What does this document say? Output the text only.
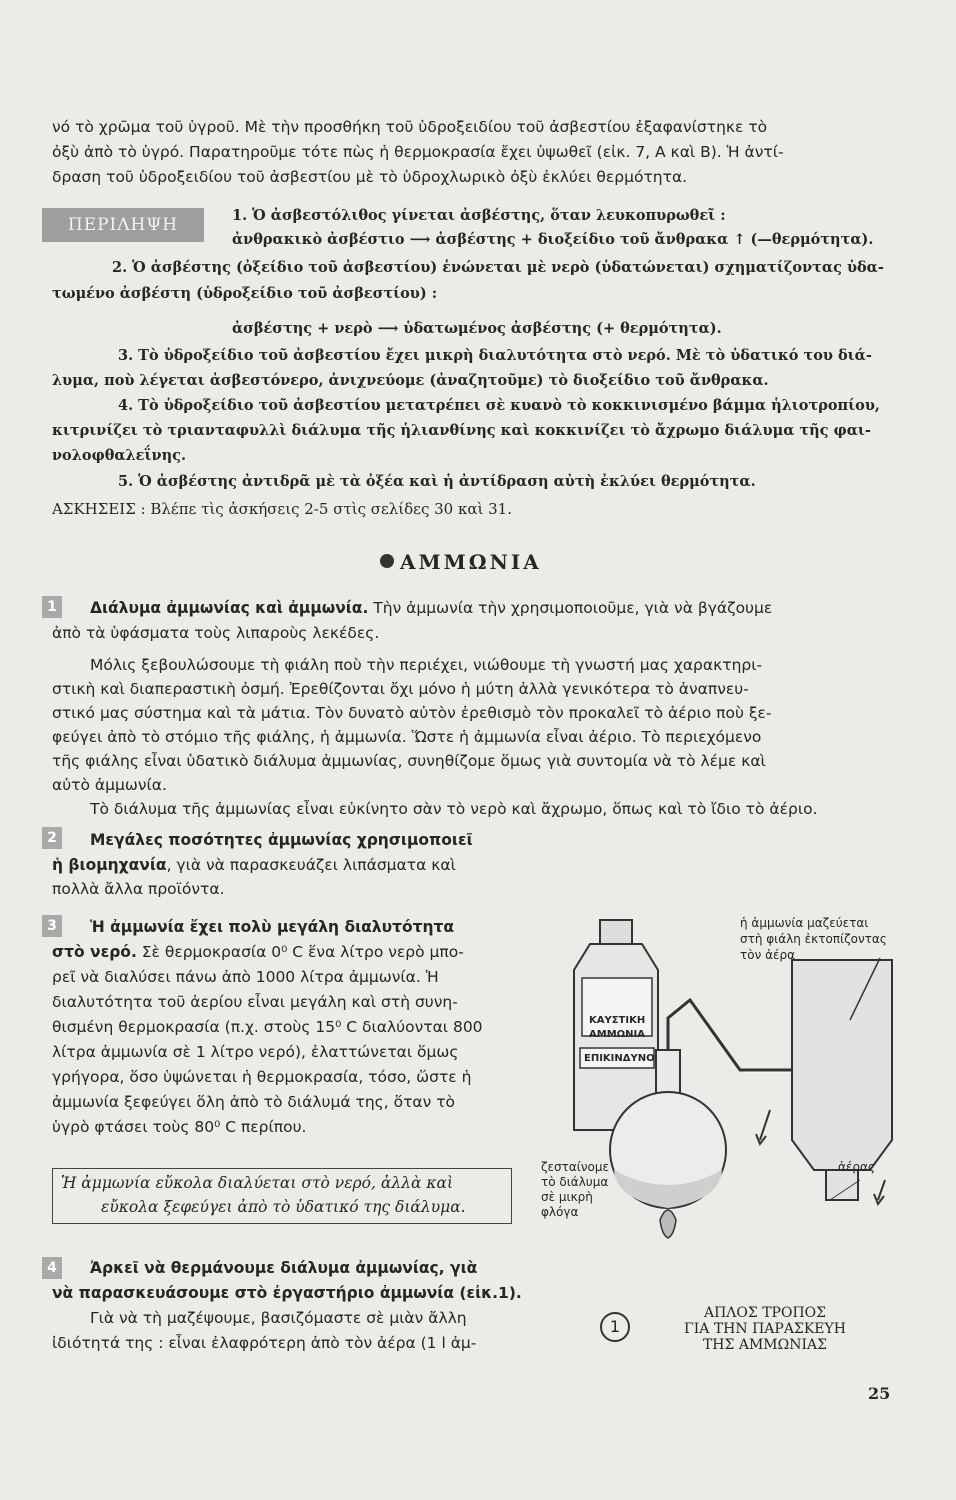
νό τὸ χρῶμα τοῦ ὑγροῦ. Μὲ τὴν προσθήκη τοῦ ὑδροξειδίου τοῦ ἀσβεστίου ἐξαφανίστηκε τὸ
ὀξὺ ἀπὸ τὸ ὑγρό. Παρατηροῦμε τότε πὼς ἡ θερμοκρασία ἔχει ὑψωθεῖ (εἰκ. 7, Α καὶ Β). Ἡ ἀντί-
δραση τοῦ ὑδροξειδίου τοῦ ἀσβεστίου μὲ τὸ ὑδροχλωρικὸ ὀξὺ ἐκλύει θερμότητα.
ΠΕΡΙΛΗΨΗ	1. Ὁ ἀσβεστόλιθος γίνεται ἀσβέστης, ὅταν λευκοπυρωθεῖ :
ἀνθρακικὸ ἀσβέστιο ⟶ ἀσβέστης + διοξείδιο τοῦ ἄνθρακα ↑ (—θερμότητα).
2. Ὁ ἀσβέστης (ὀξείδιο τοῦ ἀσβεστίου) ἑνώνεται μὲ νερὸ (ὑδατώνεται) σχηματίζοντας ὑδα-
τωμένο ἀσβέστη (ὑδροξείδιο τοῦ ἀσβεστίου) :
ἀσβέστης + νερὸ ⟶ ὑδατωμένος ἀσβέστης (+ θερμότητα).
3. Τὸ ὑδροξείδιο τοῦ ἀσβεστίου ἔχει μικρὴ διαλυτότητα στὸ νερό. Μὲ τὸ ὑδατικό του διά-
λυμα, ποὺ λέγεται ἀσβεστόνερο, ἀνιχνεύομε (ἀναζητοῦμε) τὸ διοξείδιο τοῦ ἄνθρακα.
4. Τὸ ὑδροξείδιο τοῦ ἀσβεστίου μετατρέπει σὲ κυανὸ τὸ κοκκινισμένο βάμμα ἡλιοτροπίου,
κιτρινίζει τὸ τριανταφυλλὶ διάλυμα τῆς ἡλιανθίνης καὶ κοκκινίζει τὸ ἄχρωμο διάλυμα τῆς φαι-
νολοφθαλεΐνης.
5. Ὁ ἀσβέστης ἀντιδρᾶ μὲ τὰ ὀξέα καὶ ἡ ἀντίδραση αὐτὴ ἐκλύει θερμότητα.
ΑΣΚΗΣΕΙΣ : Βλέπε τὶς ἀσκήσεις 2-5 στὶς σελίδες 30 καὶ 31.
ΑΜΜΩΝΙΑ
1	Διάλυμα ἀμμωνίας καὶ ἀμμωνία. Τὴν ἀμμωνία τὴν χρησιμοποιοῦμε, γιὰ νὰ βγάζουμε
ἀπὸ τὰ ὑφάσματα τοὺς λιπαροὺς λεκέδες.
Μόλις ξεβουλώσουμε τὴ φιάλη ποὺ τὴν περιέχει, νιώθουμε τὴ γνωστή μας χαρακτηρι-
στικὴ καὶ διαπεραστικὴ ὀσμή. Ἐρεθίζονται ὄχι μόνο ἡ μύτη ἀλλὰ γενικότερα τὸ ἀναπνευ-
στικό μας σύστημα καὶ τὰ μάτια. Τὸν δυνατὸ αὐτὸν ἐρεθισμὸ τὸν προκαλεῖ τὸ ἀέριο ποὺ ξε-
φεύγει ἀπὸ τὸ στόμιο τῆς φιάλης, ἡ ἀμμωνία. Ὥστε ἡ ἀμμωνία εἶναι ἀέριο. Τὸ περιεχόμενο
τῆς φιάλης εἶναι ὑδατικὸ διάλυμα ἀμμωνίας, συνηθίζομε ὅμως γιὰ συντομία νὰ τὸ λέμε καὶ
αὐτὸ ἀμμωνία.
Τὸ διάλυμα τῆς ἀμμωνίας εἶναι εὐκίνητο σὰν τὸ νερὸ καὶ ἄχρωμο, ὅπως καὶ τὸ ἴδιο τὸ ἀέριο.
2	Μεγάλες ποσότητες ἀμμωνίας χρησιμοποιεῖ
ἡ βιομηχανία, γιὰ νὰ παρασκευάζει λιπάσματα καὶ
πολλὰ ἄλλα προϊόντα.
3	Ἡ ἀμμωνία ἔχει πολὺ μεγάλη διαλυτότητα
στὸ νερό. Σὲ θερμοκρασία 0⁰ C ἕνα λίτρο νερὸ μπο-
ρεῖ νὰ διαλύσει πάνω ἀπὸ 1000 λίτρα ἀμμωνία. Ἡ
διαλυτότητα τοῦ ἀερίου εἶναι μεγάλη καὶ στὴ συνη-
θισμένη θερμοκρασία (π.χ. στοὺς 15⁰ C διαλύονται 800
λίτρα ἀμμωνία σὲ 1 λίτρο νερό), ἐλαττώνεται ὅμως
γρήγορα, ὅσο ὑψώνεται ἡ θερμοκρασία, τόσο, ὥστε ἡ
ἀμμωνία ξεφεύγει ὅλη ἀπὸ τὸ διάλυμά της, ὅταν τὸ
ὑγρὸ φτάσει τοὺς 80⁰ C περίπου.
Ἡ ἀμμωνία εὔκολα διαλύεται στὸ νερό, ἀλλὰ καὶ
εὔκολα ξεφεύγει ἀπὸ τὸ ὑδατικό της διάλυμα.
4	Ἀρκεῖ νὰ θερμάνουμε διάλυμα ἀμμωνίας, γιὰ
νὰ παρασκευάσουμε στὸ ἐργαστήριο ἀμμωνία (εἰκ.1).
Γιὰ νὰ τὴ μαζέψουμε, βασιζόμαστε σὲ μιὰν ἄλλη
ἰδιότητά της : εἶναι ἐλαφρότερη ἀπὸ τὸν ἀέρα (1 l ἀμ-
ΚΑΥΣΤΙΚΗ
ΑΜΜΩΝΙΑ
ΕΠΙΚΙΝΔΥΝΟ
ἡ ἀμμωνία μαζεύεται
στὴ φιάλη ἐκτοπίζοντας
τὸν ἀέρα
ζεσταίνομε
τὸ διάλυμα
σὲ μικρὴ
φλόγα
ἀέρας
1
ΑΠΛΟΣ ΤΡΟΠΟΣ
ΓΙΑ ΤΗΝ ΠΑΡΑΣΚΕΥΗ
ΤΗΣ ΑΜΜΩΝΙΑΣ
25
